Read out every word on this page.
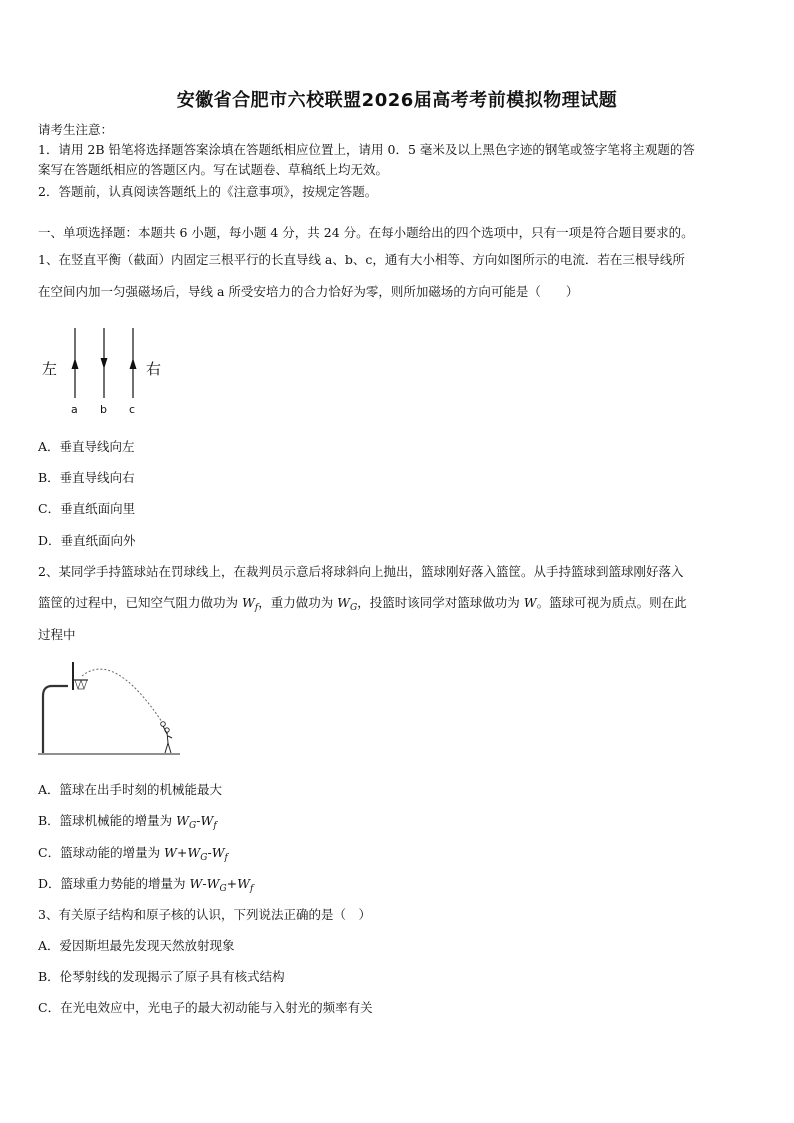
安徽省合肥市六校联盟2026届高考考前模拟物理试题
请考生注意：
1．请用 2B 铅笔将选择题答案涂填在答题纸相应位置上，请用 0．5 毫米及以上黑色字迹的钢笔或签字笔将主观题的答
案写在答题纸相应的答题区内。写在试题卷、草稿纸上均无效。
2．答题前，认真阅读答题纸上的《注意事项》，按规定答题。
一、单项选择题：本题共 6 小题，每小题 4 分，共 24 分。在每小题给出的四个选项中，只有一项是符合题目要求的。
1、在竖直平衡（截面）内固定三根平行的长直导线 a、b、c，通有大小相等、方向如图所示的电流．若在三根导线所
在空间内加一匀强磁场后，导线 a 所受安培力的合力恰好为零，则所加磁场的方向可能是（　　）
左	右
a b c
A．垂直导线向左
B．垂直导线向右
C．垂直纸面向里
D．垂直纸面向外
2、某同学手持篮球站在罚球线上，在裁判员示意后将球斜向上抛出，篮球刚好落入篮筐。从手持篮球到篮球刚好落入
篮筐的过程中，已知空气阻力做功为 $W_f$，重力做功为 $W_G$，投篮时该同学对篮球做功为 W。篮球可视为质点。则在此
过程中
A．篮球在出手时刻的机械能最大
B．篮球机械能的增量为 $W_G-W_f$
C．篮球动能的增量为 $W+W_G-W_f$
D．篮球重力势能的增量为 $W-W_G+W_f$
3、有关原子结构和原子核的认识，下列说法正确的是（　）
A．爱因斯坦最先发现天然放射现象
B．伦琴射线的发现揭示了原子具有核式结构
C．在光电效应中，光电子的最大初动能与入射光的频率有关
